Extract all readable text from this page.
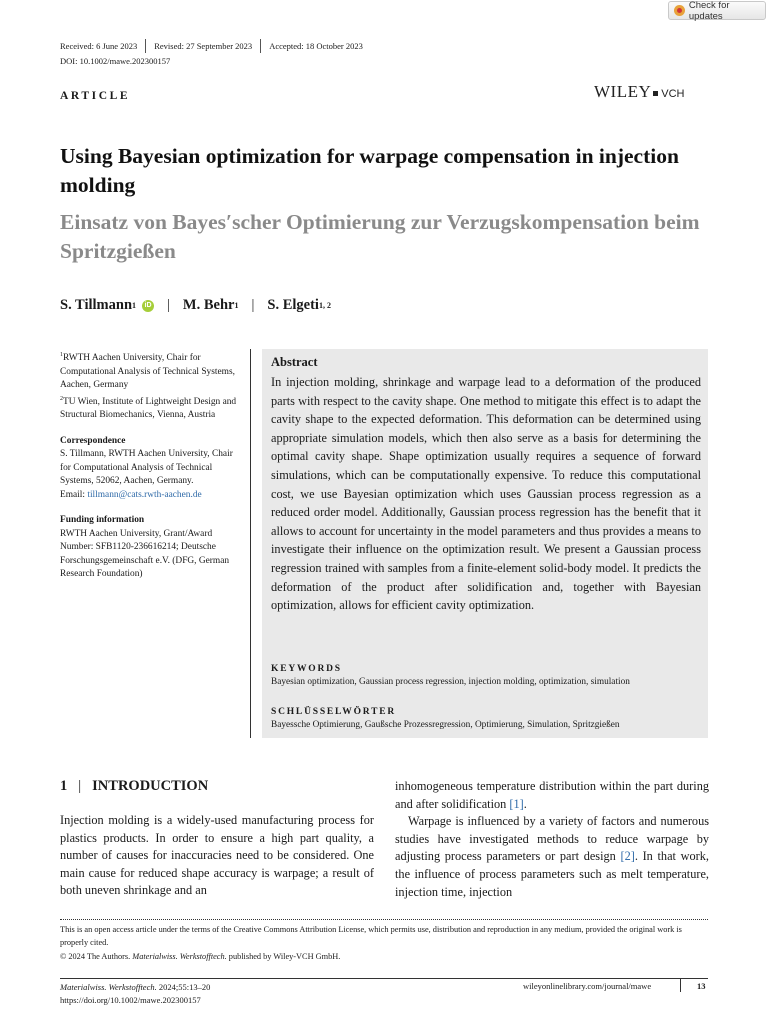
Check for updates
Received: 6 June 2023 Revised: 27 September 2023 Accepted: 18 October 2023
DOI: 10.1002/mawe.202300157
ARTICLE	WILEY VCH
Using Bayesian optimization for warpage compensation in injection molding
Einsatz von Bayes′scher Optimierung zur Verzugskompensation beim Spritzgießen
S. Tillmann 1	iD | M. Behr 1 | S. Elgeti 1, 2

$^1$RWTH Aachen University, Chair for Computational Analysis of Technical Systems, Aachen, Germany

$^2$TU Wien, Institute of Lightweight Design and Structural Biomechanics, Vienna, Austria

Correspondence

S. Tillmann, RWTH Aachen University, Chair for Computational Analysis of Technical Systems, 52062, Aachen, Germany.

Email: tillmann@cats.rwth-aachen.de

Funding information

RWTH Aachen University, Grant/Award Number: SFB1120-236616214; Deutsche Forschungsgemeinschaft e.V. (DFG, German Research Foundation)

Abstract
In injection molding, shrinkage and warpage lead to a deformation of the produced parts with respect to the cavity shape. One method to mitigate this effect is to adapt the cavity shape to the expected deformation. This deformation can be determined using appropriate simulation models, which then also serve as a basis for determining the optimal cavity shape. Shape optimization usually requires a sequence of forward simulations, which can be computationally expensive. To reduce this computational cost, we use Bayesian optimization which uses Gaussian process regression as a reduced order model. Additionally, Gaussian process regression has the benefit that it allows to account for uncertainty in the model parameters and thus provides a means to investigate their influence on the optimization result. We present a Gaussian process regression trained with samples from a finite-element solid-body model. It predicts the deformation of the product after solidification and, together with Bayesian optimization, allows for efficient cavity optimization.
KEYWORDS
Bayesian optimization, Gaussian process regression, injection molding, optimization, simulation
SCHLÜSSELWÖRTER
Bayessche Optimierung, Gaußsche Prozessregression, Optimierung, Simulation, Spritzgießen
1 | INTRODUCTION

Injection molding is a widely-used manufacturing process for plastics products. In order to ensure a high part quality, a number of causes for inaccuracies need to be considered. One main cause for reduced shape accuracy is warpage; a result of both uneven shrinkage and an

inhomogeneous temperature distribution within the part during and after solidification [1].

Warpage is influenced by a variety of factors and numerous studies have investigated methods to reduce warpage by adjusting process parameters or part design [2]. In that work, the influence of process parameters such as melt temperature, injection time, injection

This is an open access article under the terms of the Creative Commons Attribution License, which permits use, distribution and reproduction in any medium, provided the original work is properly cited.

© 2024 The Authors. Materialwiss. Werkstofftech. published by Wiley-VCH GmbH.

Materialwiss. Werkstofftech. 2024;55:13–20
https://doi.org/10.1002/mawe.202300157
wileyonlinelibrary.com/journal/mawe	13
